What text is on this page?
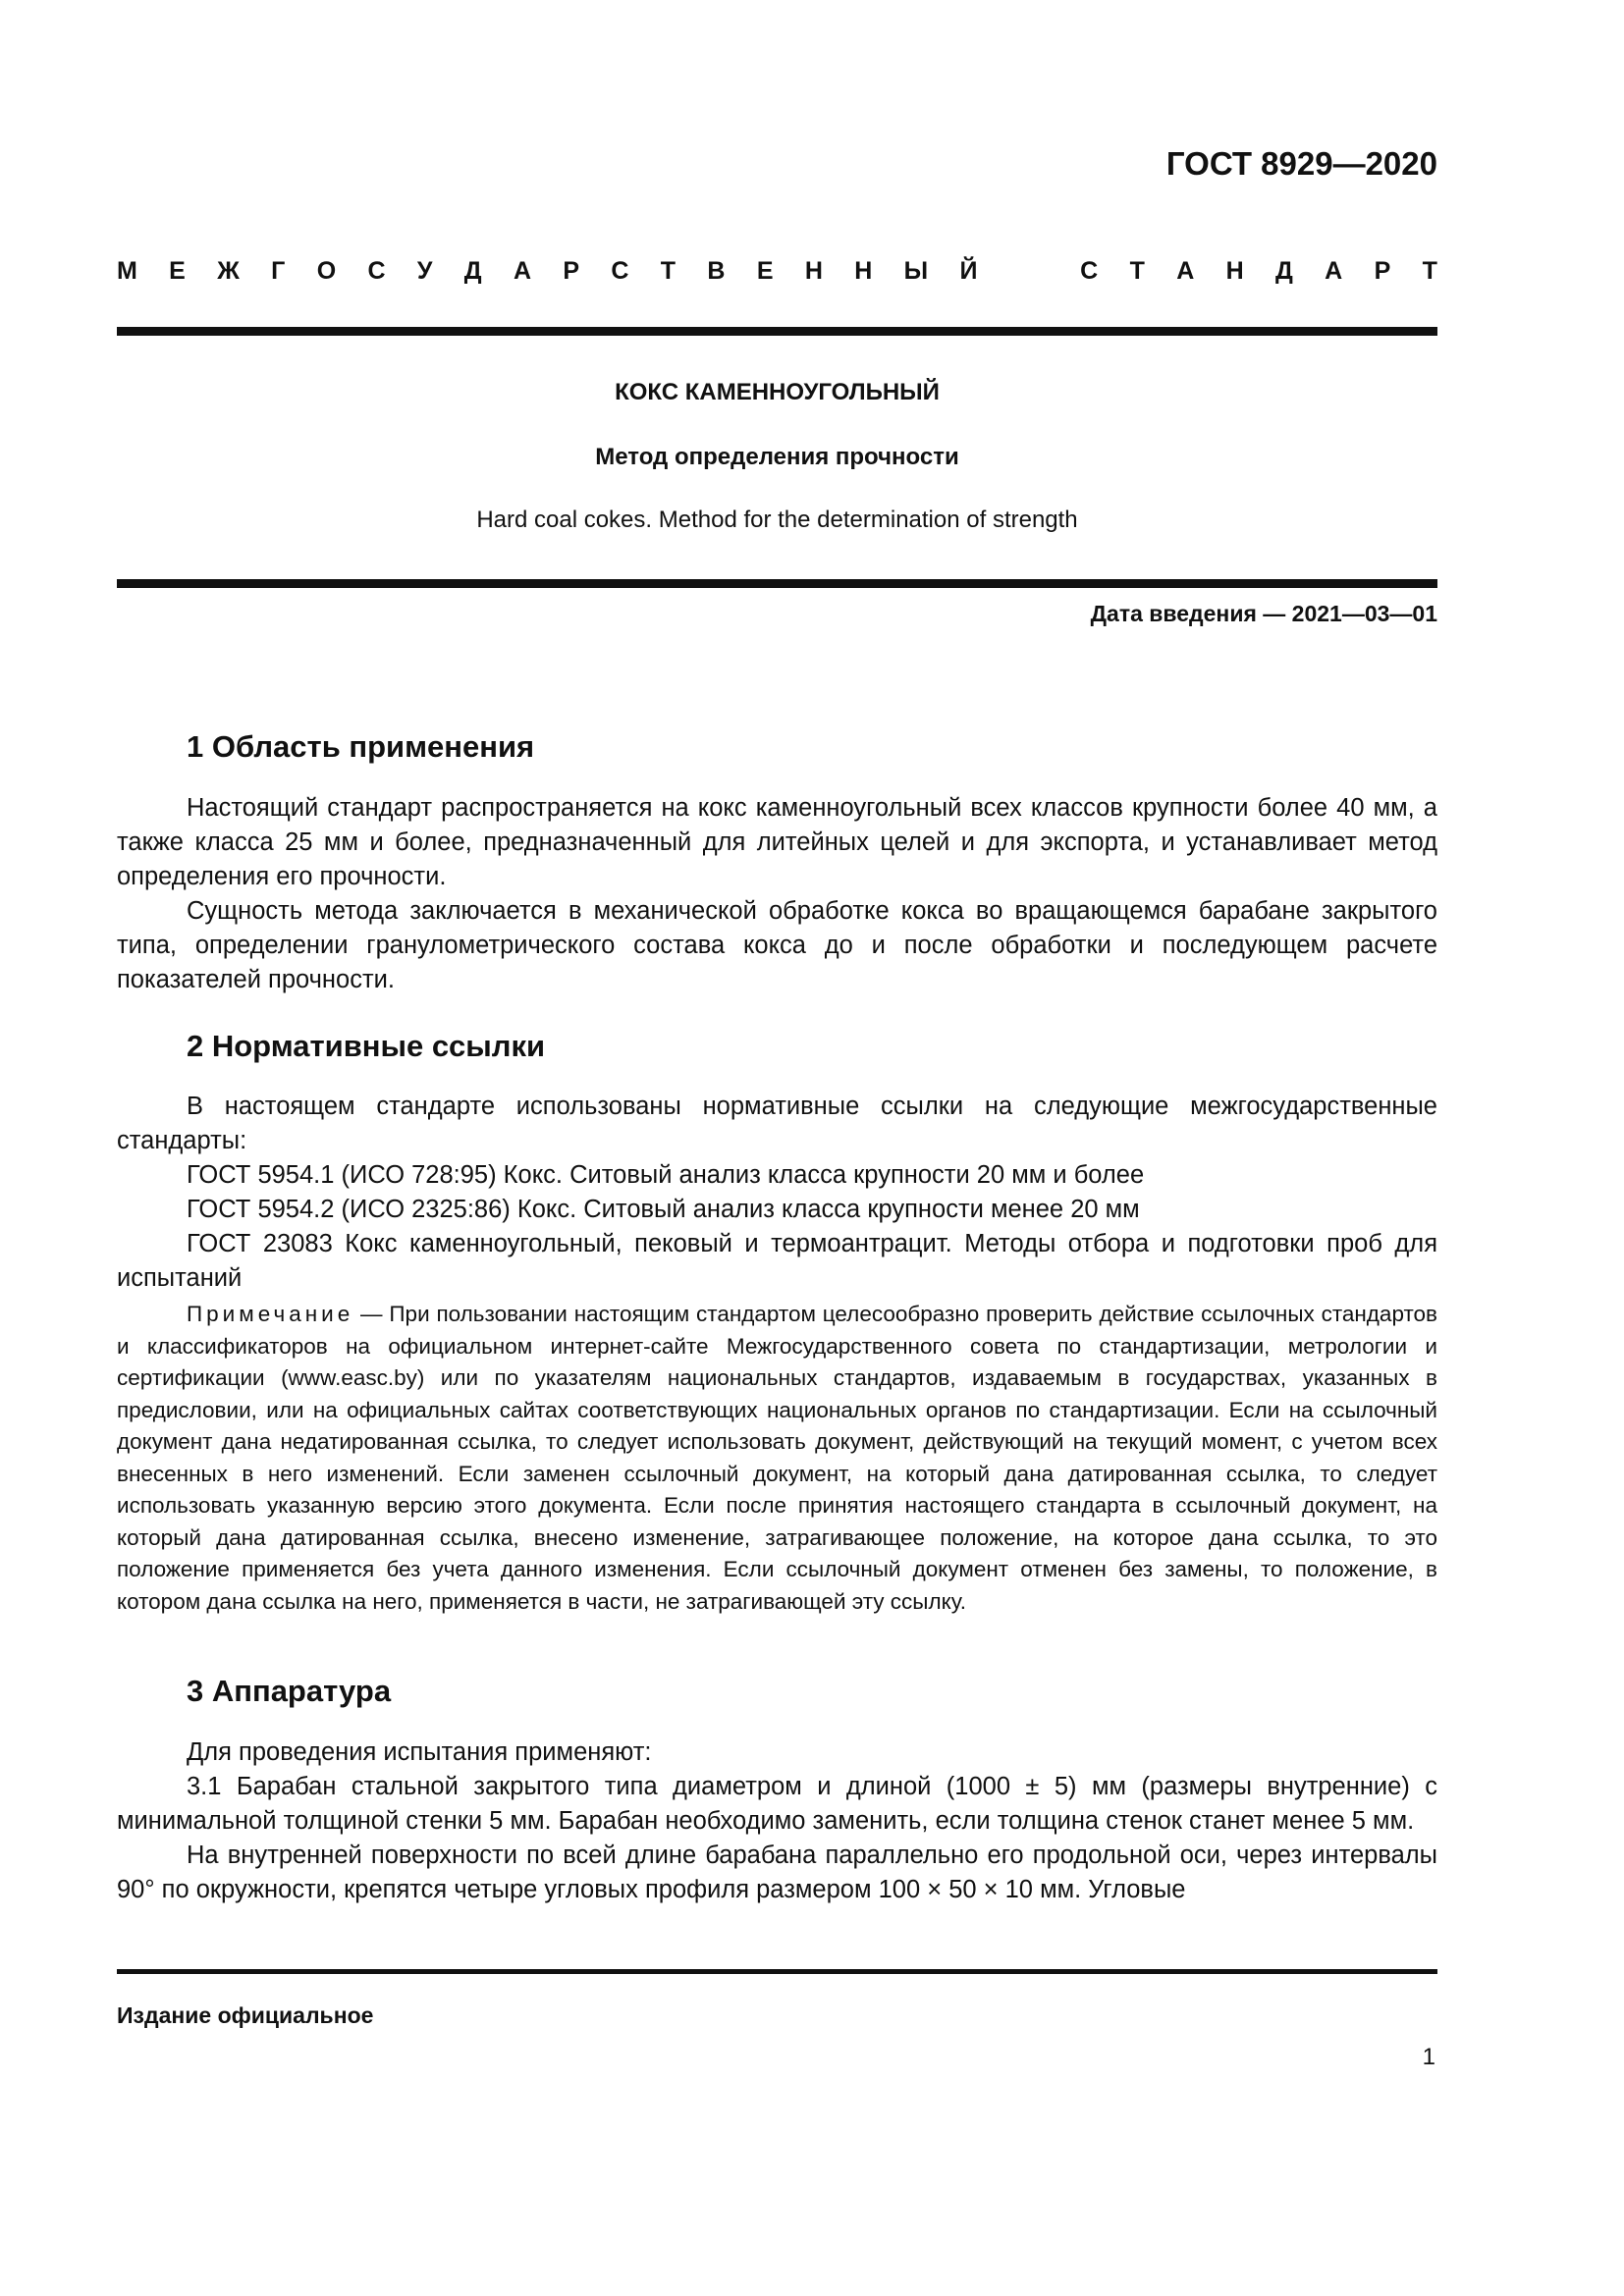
ГОСТ 8929—2020
М Е Ж Г О С У Д А Р С Т В Е Н Н Ы Й	С Т А Н Д А Р Т
КОКС КАМЕННОУГОЛЬНЫЙ
Метод определения прочности
Hard coal cokes. Method for the determination of strength
Дата введения — 2021—03—01
1 Область применения

Настоящий стандарт распространяется на кокс каменноугольный всех классов крупности более 40 мм, а также класса 25 мм и более, предназначенный для литейных целей и для экспорта, и устанавливает метод определения его прочности.

Сущность метода заключается в механической обработке кокса во вращающемся барабане закрытого типа, определении гранулометрического состава кокса до и после обработки и последующем расчете показателей прочности.

2 Нормативные ссылки

В настоящем стандарте использованы нормативные ссылки на следующие межгосударственные стандарты:

ГОСТ 5954.1 (ИСО 728:95) Кокс. Ситовый анализ класса крупности 20 мм и более

ГОСТ 5954.2 (ИСО 2325:86) Кокс. Ситовый анализ класса крупности менее 20 мм

ГОСТ 23083 Кокс каменноугольный, пековый и термоантрацит. Методы отбора и подготовки проб для испытаний

Примечание — При пользовании настоящим стандартом целесообразно проверить действие ссылочных стандартов и классификаторов на официальном интернет-сайте Межгосударственного совета по стандартизации, метрологии и сертификации (www.easc.by) или по указателям национальных стандартов, издаваемым в государствах, указанных в предисловии, или на официальных сайтах соответствующих национальных органов по стандартизации. Если на ссылочный документ дана недатированная ссылка, то следует использовать документ, действующий на текущий момент, с учетом всех внесенных в него изменений. Если заменен ссылочный документ, на который дана датированная ссылка, то следует использовать указанную версию этого документа. Если после принятия настоящего стандарта в ссылочный документ, на который дана датированная ссылка, внесено изменение, затрагивающее положение, на которое дана ссылка, то это положение применяется без учета данного изменения. Если ссылочный документ отменен без замены, то положение, в котором дана ссылка на него, применяется в части, не затрагивающей эту ссылку.

3 Аппаратура

Для проведения испытания применяют:

3.1 Барабан стальной закрытого типа диаметром и длиной (1000 ± 5) мм (размеры внутренние) с минимальной толщиной стенки 5 мм. Барабан необходимо заменить, если толщина стенок станет менее 5 мм.

На внутренней поверхности по всей длине барабана параллельно его продольной оси, через интервалы 90° по окружности, крепятся четыре угловых профиля размером 100 × 50 × 10 мм. Угловые

Издание официальное
1
